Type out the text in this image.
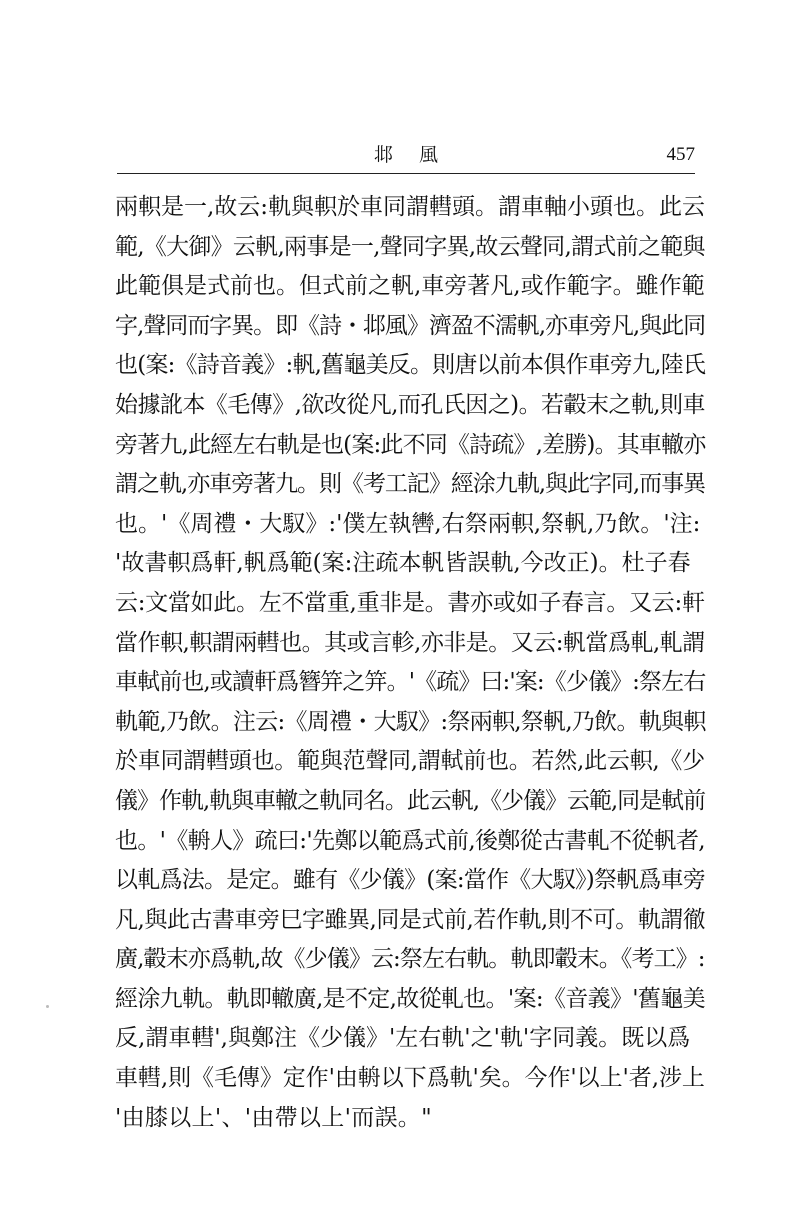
邶風	457
兩軹是一,故云:軌與軹於車同謂轊頭。謂車軸小頭也。此云
範,《大御》云軓,兩事是一,聲同字異,故云聲同,謂式前之範與
此範俱是式前也。但式前之軓,車旁著凡,或作範字。雖作範
字,聲同而字異。即《詩・邶風》濟盈不濡軓,亦車旁凡,與此同
也(案:《詩音義》:軓,舊龜美反。則唐以前本俱作車旁九,陸氏
始據訛本《毛傳》,欲改從凡,而孔氏因之)。若轂末之軌,則車
旁著九,此經左右軌是也(案:此不同《詩疏》,差勝)。其車轍亦
謂之軌,亦車旁著九。則《考工記》經涂九軌,與此字同,而事異
也。'《周禮・大馭》:'僕左執轡,右祭兩軹,祭軓,乃飲。'注:
'故書軹爲軒,軓爲範(案:注疏本軓皆誤軌,今改正)。杜子春
云:文當如此。左不當重,重非是。書亦或如子春言。又云:軒
當作軹,軹謂兩轊也。其或言軫,亦非是。又云:軓當爲軋,軋謂
車軾前也,或讀軒爲簪笄之笄。'《疏》曰:'案:《少儀》:祭左右
軌範,乃飲。注云:《周禮・大馭》:祭兩軹,祭軓,乃飲。軌與軹
於車同謂轊頭也。範與范聲同,謂軾前也。若然,此云軹,《少
儀》作軌,軌與車轍之軌同名。此云軓,《少儀》云範,同是軾前
也。'《輈人》疏曰:'先鄭以範爲式前,後鄭從古書軋不從軓者,
以軋爲法。是定。雖有《少儀》(案:當作《大馭》)祭軓爲車旁
凡,與此古書車旁巳字雖異,同是式前,若作軌,則不可。軌謂徹
廣,轂末亦爲軌,故《少儀》云:祭左右軌。軌即轂末。《考工》:
經涂九軌。軌即轍廣,是不定,故從軋也。'案:《音義》'舊龜美
反,謂車轊',與鄭注《少儀》'左右軌'之'軌'字同義。既以爲
車轊,則《毛傳》定作'由輈以下爲軌'矣。今作'以上'者,涉上
'由膝以上'、'由帶以上'而誤。"
